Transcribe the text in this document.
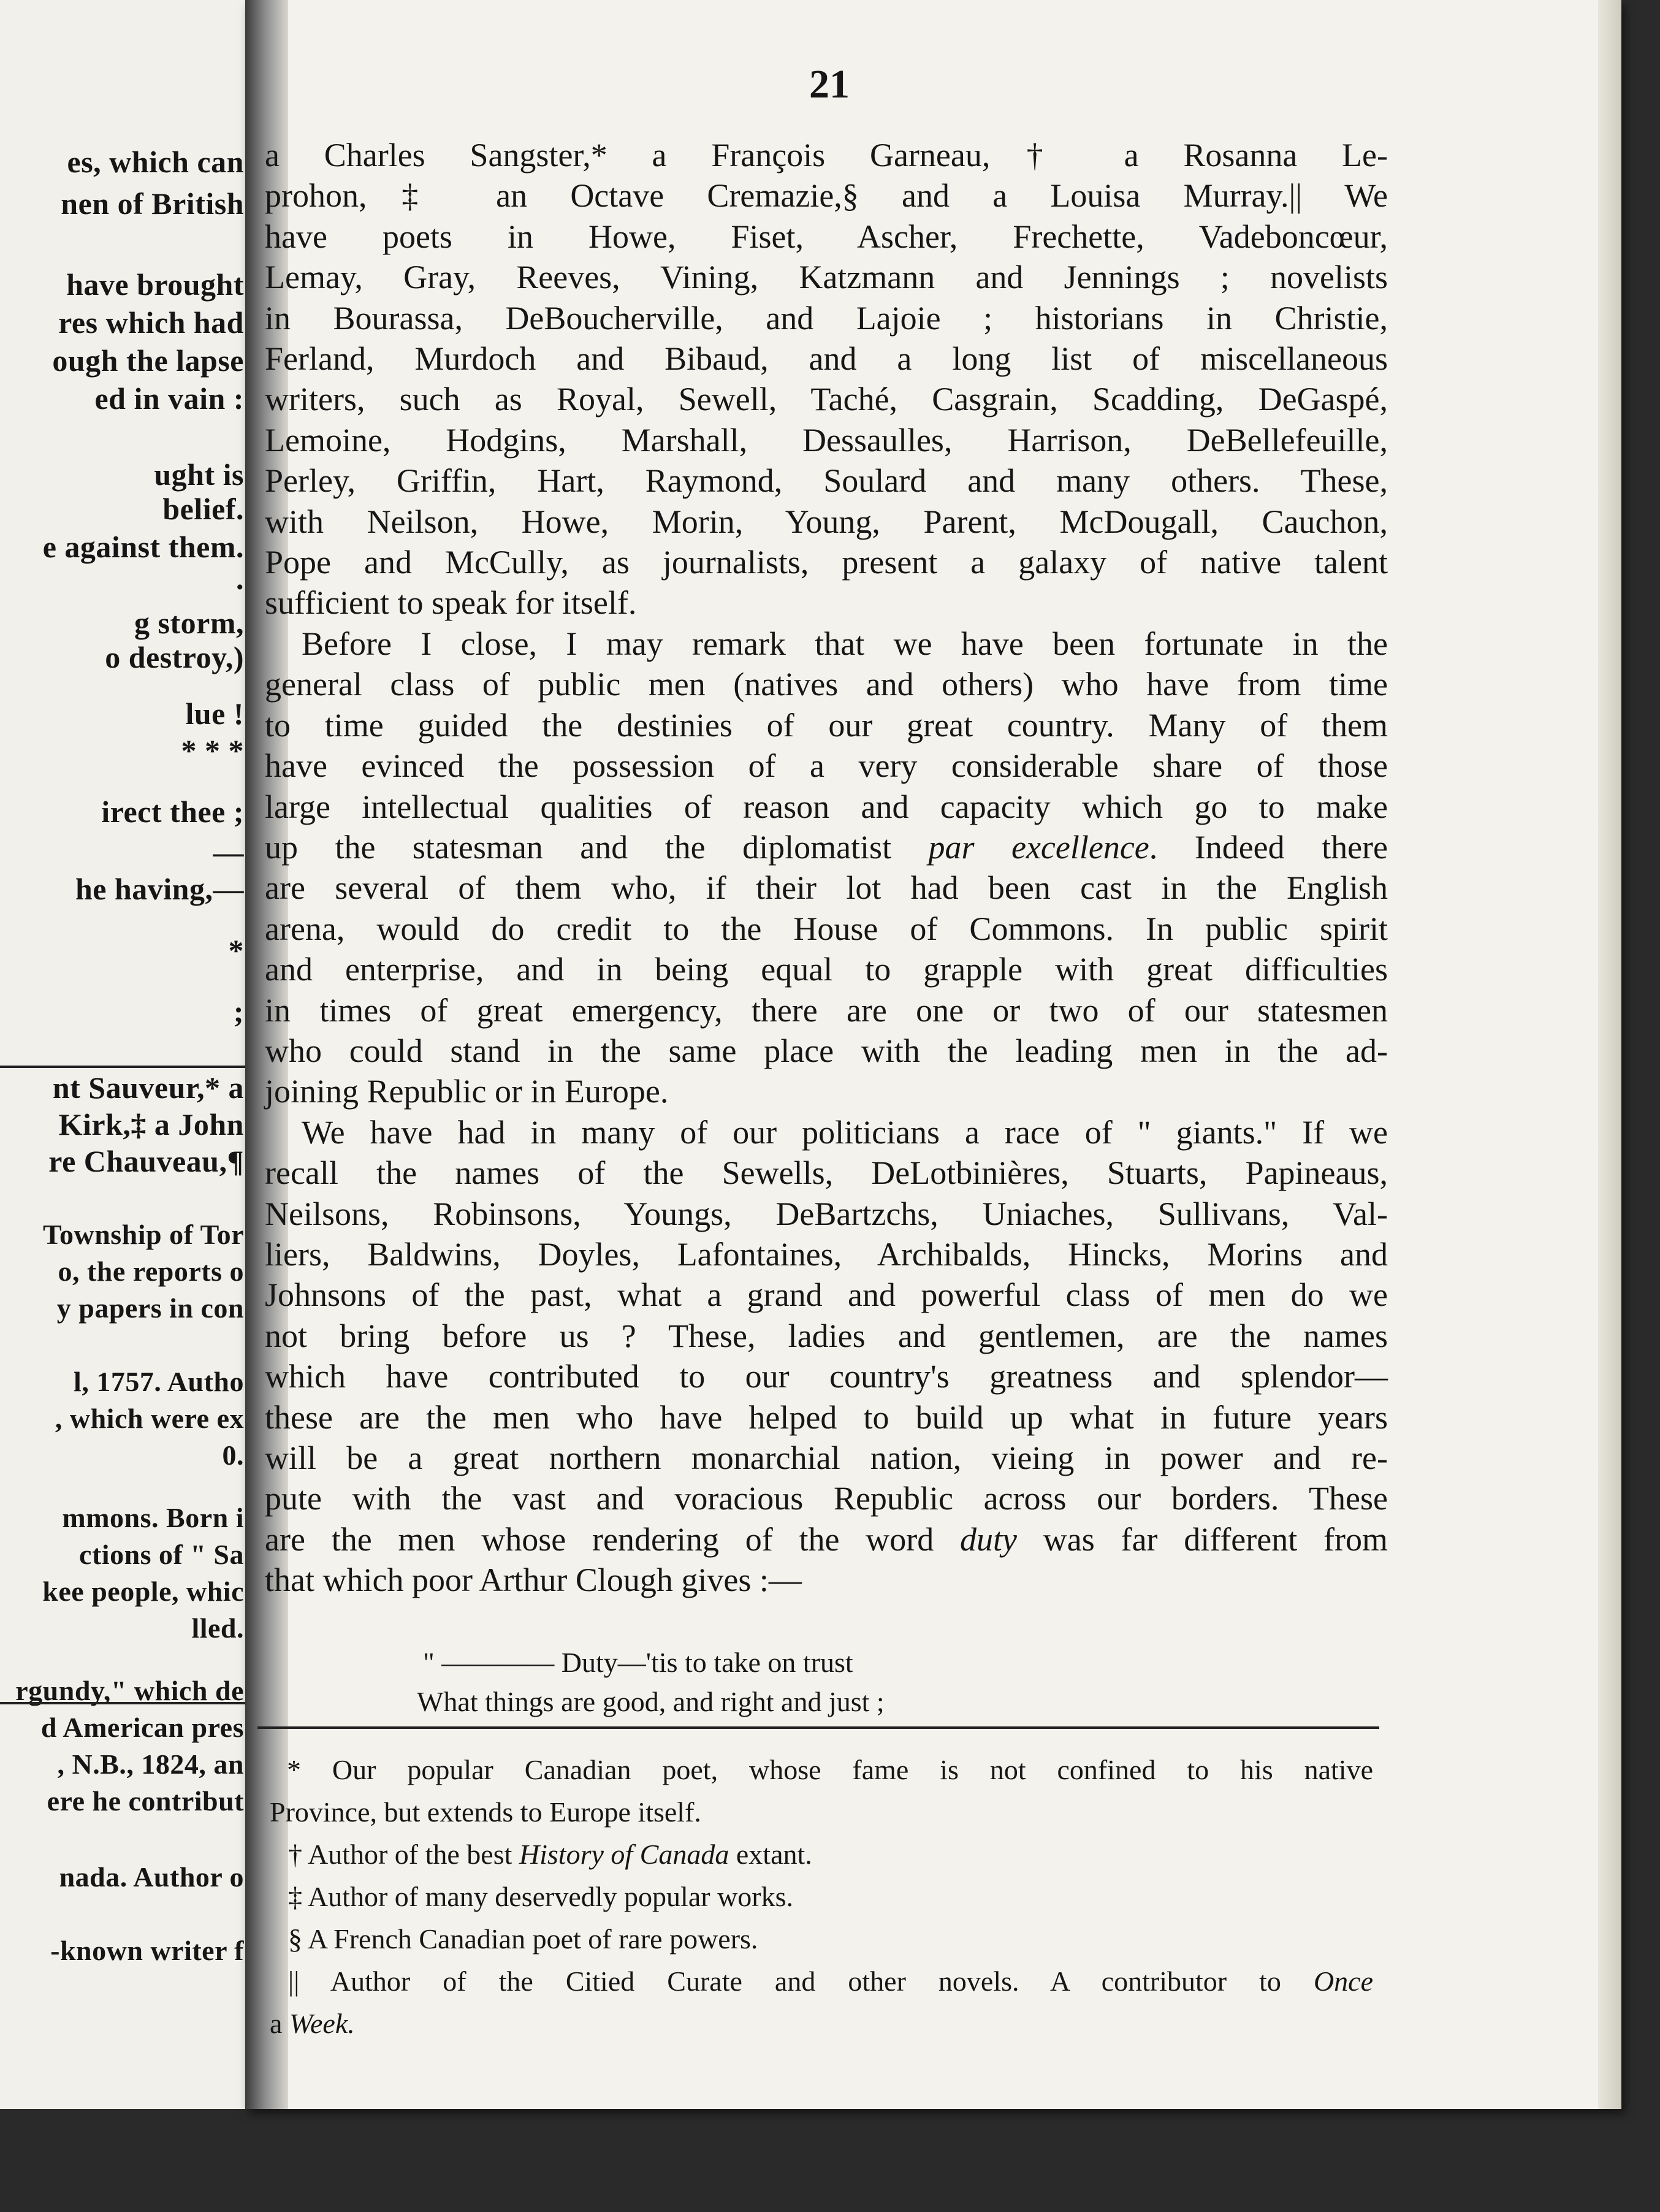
es, which can
nen of British
have brought
res which had
ough the lapse
ed in vain :
ught is
belief.
e against them.
.
g storm,
o destroy,)
lue !
* * *
irect thee ;
—
he having,—
*
;
nt Sauveur,* a
Kirk,‡ a John
re Chauveau,¶
Township of Tor
o, the reports o
y papers in con
l, 1757. Autho
, which were ex
0.
mmons. Born i
ctions of " Sa
kee people, whic
lled.
rgundy," which de
d American pres
, N.B., 1824, an
ere he contribut
nada. Author o
-known writer f
21
a Charles Sangster,* a François Garneau,† a Rosanna Le-
prohon,‡ an Octave Cremazie,§ and a Louisa Murray.|| We
have poets in Howe, Fiset, Ascher, Frechette, Vadeboncœur,
Lemay, Gray, Reeves, Vining, Katzmann and Jennings ; novelists
in Bourassa, DeBoucherville, and Lajoie ; historians in Christie,
Ferland, Murdoch and Bibaud, and a long list of miscellaneous
writers, such as Royal, Sewell, Taché, Casgrain, Scadding, DeGaspé,
Lemoine, Hodgins, Marshall, Dessaulles, Harrison, DeBellefeuille,
Perley, Griffin, Hart, Raymond, Soulard and many others. These,
with Neilson, Howe, Morin, Young, Parent, McDougall, Cauchon,
Pope and McCully, as journalists, present a galaxy of native talent
sufficient to speak for itself.
Before I close, I may remark that we have been fortunate in the
general class of public men (natives and others) who have from time
to time guided the destinies of our great country. Many of them
have evinced the possession of a very considerable share of those
large intellectual qualities of reason and capacity which go to make
up the statesman and the diplomatist par excellence. Indeed there
are several of them who, if their lot had been cast in the English
arena, would do credit to the House of Commons. In public spirit
and enterprise, and in being equal to grapple with great difficulties
in times of great emergency, there are one or two of our statesmen
who could stand in the same place with the leading men in the ad-
joining Republic or in Europe.
We have had in many of our politicians a race of " giants." If we
recall the names of the Sewells, DeLotbinières, Stuarts, Papineaus,
Neilsons, Robinsons, Youngs, DeBartzchs, Uniaches, Sullivans, Val-
liers, Baldwins, Doyles, Lafontaines, Archibalds, Hincks, Morins and
Johnsons of the past, what a grand and powerful class of men do we
not bring before us ? These, ladies and gentlemen, are the names
which have contributed to our country's greatness and splendor—
these are the men who have helped to build up what in future years
will be a great northern monarchial nation, vieing in power and re-
pute with the vast and voracious Republic across our borders. These
are the men whose rendering of the word duty was far different from
that which poor Arthur Clough gives :—
" ———— Duty—'tis to take on trust
What things are good, and right and just ;
* Our popular Canadian poet, whose fame is not confined to his native
Province, but extends to Europe itself.
† Author of the best History of Canada extant.
‡ Author of many deservedly popular works.
§ A French Canadian poet of rare powers.
|| Author of the Citied Curate and other novels. A contributor to Once
a Week.
